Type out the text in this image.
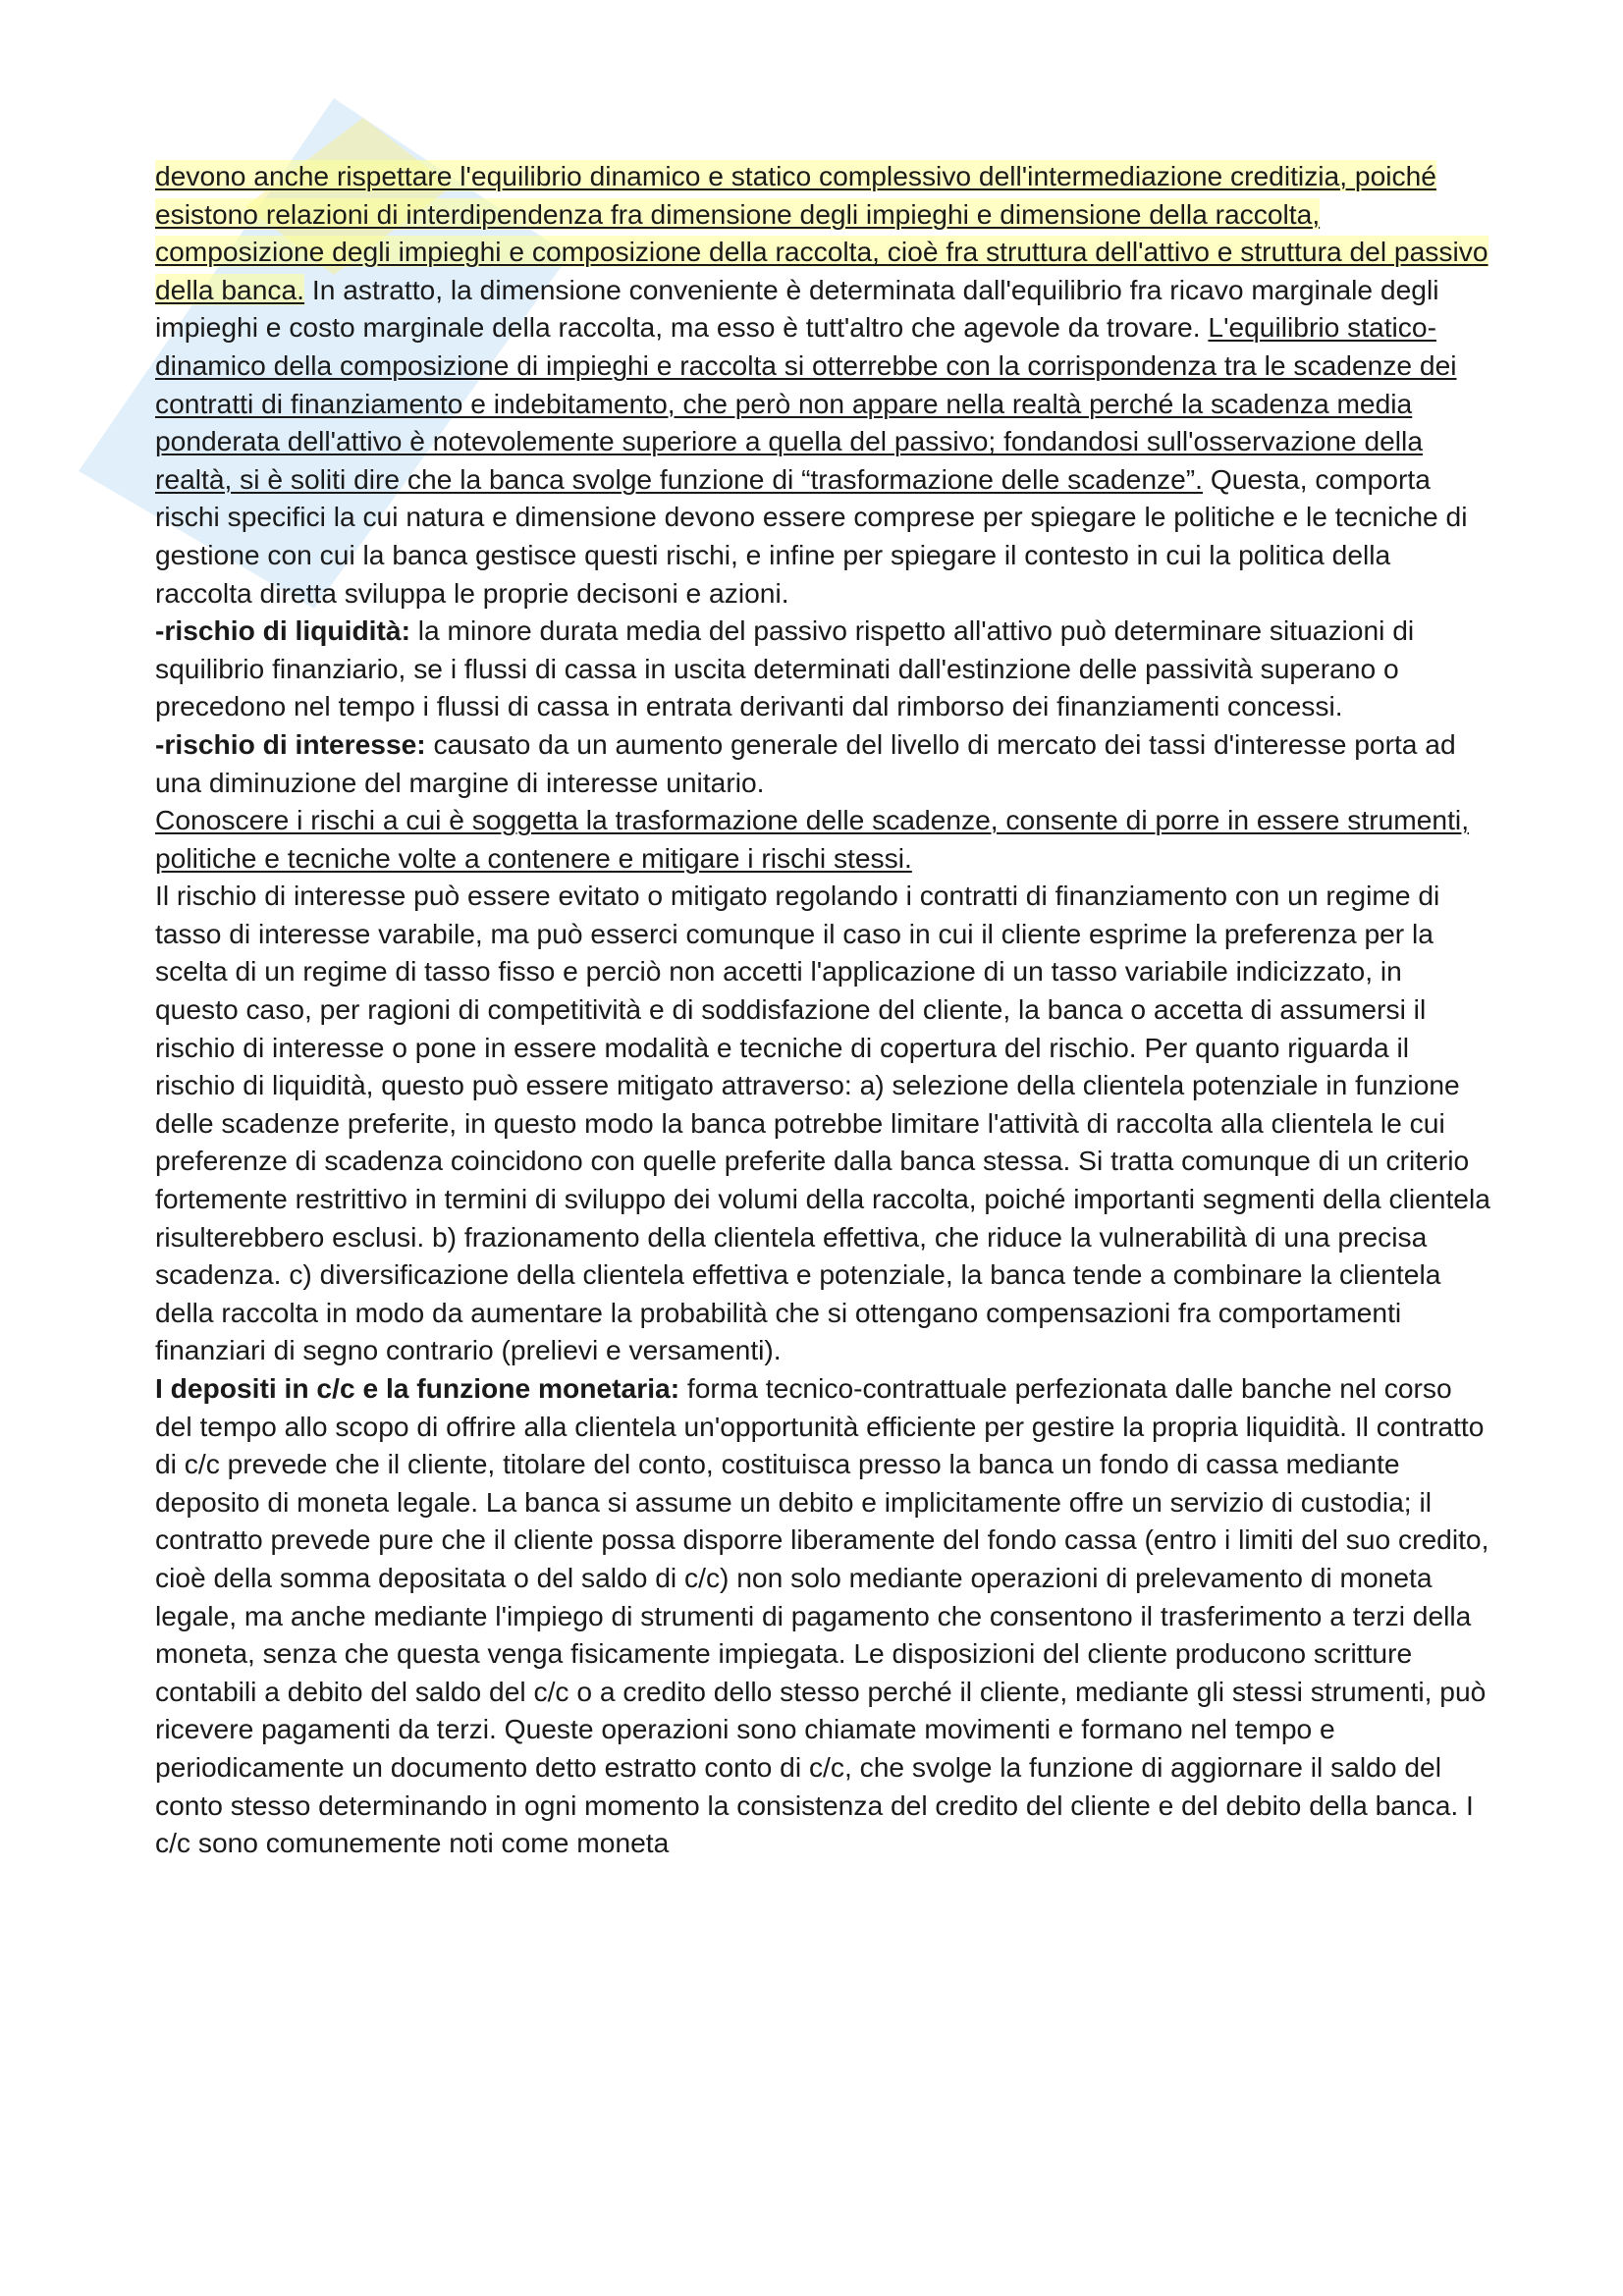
devono anche rispettare l'equilibrio dinamico e statico complessivo dell'intermediazione creditizia, poiché esistono relazioni di interdipendenza fra dimensione degli impieghi e dimensione della raccolta, composizione degli impieghi e composizione della raccolta, cioè fra struttura dell'attivo e struttura del passivo della banca. In astratto, la dimensione conveniente è determinata dall'equilibrio fra ricavo marginale degli impieghi e costo marginale della raccolta, ma esso è tutt'altro che agevole da trovare. L'equilibrio statico-dinamico della composizione di impieghi e raccolta si otterrebbe con la corrispondenza tra le scadenze dei contratti di finanziamento e indebitamento, che però non appare nella realtà perché la scadenza media ponderata dell'attivo è notevolemente superiore a quella del passivo; fondandosi sull'osservazione della realtà, si è soliti dire che la banca svolge funzione di “trasformazione delle scadenze”. Questa, comporta rischi specifici la cui natura e dimensione devono essere comprese per spiegare le politiche e le tecniche di gestione con cui la banca gestisce questi rischi, e infine per spiegare il contesto in cui la politica della raccolta diretta sviluppa le proprie decisoni e azioni.

-rischio di liquidità: la minore durata media del passivo rispetto all'attivo può determinare situazioni di squilibrio finanziario, se i flussi di cassa in uscita determinati dall'estinzione delle passività superano o precedono nel tempo i flussi di cassa in entrata derivanti dal rimborso dei finanziamenti concessi.

-rischio di interesse: causato da un aumento generale del livello di mercato dei tassi d'interesse porta ad una diminuzione del margine di interesse unitario.

Conoscere i rischi a cui è soggetta la trasformazione delle scadenze, consente di porre in essere strumenti, politiche e tecniche volte a contenere e mitigare i rischi stessi.

Il rischio di interesse può essere evitato o mitigato regolando i contratti di finanziamento con un regime di tasso di interesse varabile, ma può esserci comunque il caso in cui il cliente esprime la preferenza per la scelta di un regime di tasso fisso e perciò non accetti l'applicazione di un tasso variabile indicizzato, in questo caso, per ragioni di competitività e di soddisfazione del cliente, la banca o accetta di assumersi il rischio di interesse o pone in essere modalità e tecniche di copertura del rischio. Per quanto riguarda il rischio di liquidità, questo può essere mitigato attraverso: a) selezione della clientela potenziale in funzione delle scadenze preferite, in questo modo la banca potrebbe limitare l'attività di raccolta alla clientela le cui preferenze di scadenza coincidono con quelle preferite dalla banca stessa. Si tratta comunque di un criterio fortemente restrittivo in termini di sviluppo dei volumi della raccolta, poiché importanti segmenti della clientela risulterebbero esclusi. b) frazionamento della clientela effettiva, che riduce la vulnerabilità di una precisa scadenza. c) diversificazione della clientela effettiva e potenziale, la banca tende a combinare la clientela della raccolta in modo da aumentare la probabilità che si ottengano compensazioni fra comportamenti finanziari di segno contrario (prelievi e versamenti).

I depositi in c/c e la funzione monetaria: forma tecnico-contrattuale perfezionata dalle banche nel corso del tempo allo scopo di offrire alla clientela un'opportunità efficiente per gestire la propria liquidità. Il contratto di c/c prevede che il cliente, titolare del conto, costituisca presso la banca un fondo di cassa mediante deposito di moneta legale. La banca si assume un debito e implicitamente offre un servizio di custodia; il contratto prevede pure che il cliente possa disporre liberamente del fondo cassa (entro i limiti del suo credito, cioè della somma depositata o del saldo di c/c) non solo mediante operazioni di prelevamento di moneta legale, ma anche mediante l'impiego di strumenti di pagamento che consentono il trasferimento a terzi della moneta, senza che questa venga fisicamente impiegata. Le disposizioni del cliente producono scritture contabili a debito del saldo del c/c o a credito dello stesso perché il cliente, mediante gli stessi strumenti, può ricevere pagamenti da terzi. Queste operazioni sono chiamate movimenti e formano nel tempo e periodicamente un documento detto estratto conto di c/c, che svolge la funzione di aggiornare il saldo del conto stesso determinando in ogni momento la consistenza del credito del cliente e del debito della banca. I c/c sono comunemente noti come moneta
